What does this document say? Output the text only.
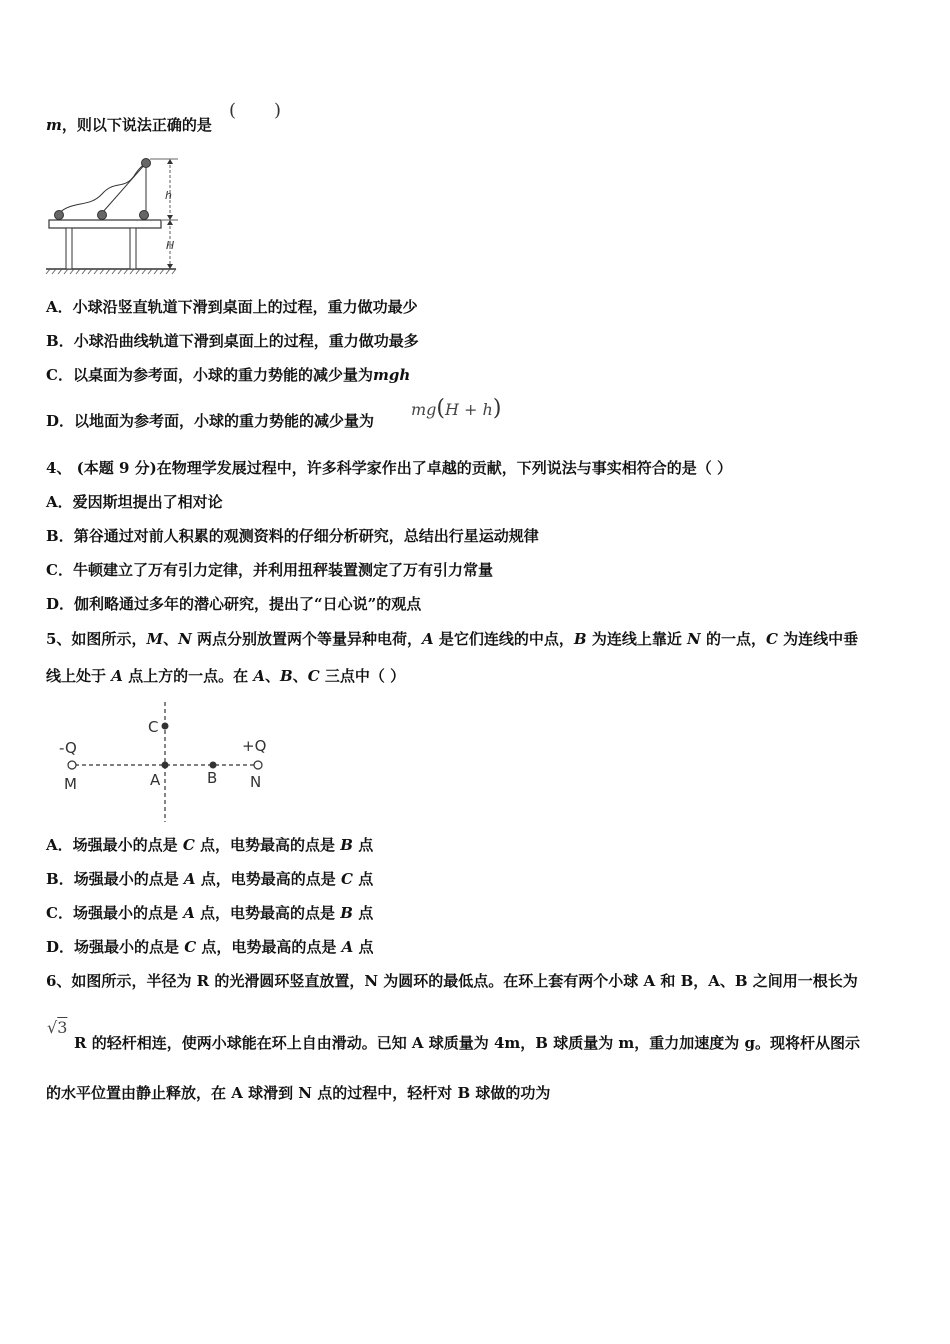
m，则以下说法正确的是
( )
h
H
A．小球沿竖直轨道下滑到桌面上的过程，重力做功最少
B．小球沿曲线轨道下滑到桌面上的过程，重力做功最多
C．以桌面为参考面，小球的重力势能的减少量为mgh
D．以地面为参考面，小球的重力势能的减少量为
mg(H + h)
4、 (本题 9 分)在物理学发展过程中，许多科学家作出了卓越的贡献，下列说法与事实相符合的是（ ）
A．爱因斯坦提出了相对论
B．第谷通过对前人积累的观测资料的仔细分析研究，总结出行星运动规律
C．牛顿建立了万有引力定律，并利用扭秤装置测定了万有引力常量
D．伽利略通过多年的潜心研究，提出了“日心说”的观点
5、如图所示，M、N 两点分别放置两个等量异种电荷，A 是它们连线的中点，B 为连线上靠近 N 的一点，C 为连线中垂
线上处于 A 点上方的一点。在 A、B、C 三点中（ ）
-Q	+Q
M	N
A	B
C
A．场强最小的点是 C 点，电势最高的点是 B 点
B．场强最小的点是 A 点，电势最高的点是 C 点
C．场强最小的点是 A 点，电势最高的点是 B 点
D．场强最小的点是 C 点，电势最高的点是 A 点
6、如图所示，半径为 R 的光滑圆环竖直放置，N 为圆环的最低点。在环上套有两个小球 A 和 B，A、B 之间用一根长为
√3
R 的轻杆相连，使两小球能在环上自由滑动。已知 A 球质量为 4m，B 球质量为 m，重力加速度为 g。现将杆从图示
的水平位置由静止释放，在 A 球滑到 N 点的过程中，轻杆对 B 球做的功为
